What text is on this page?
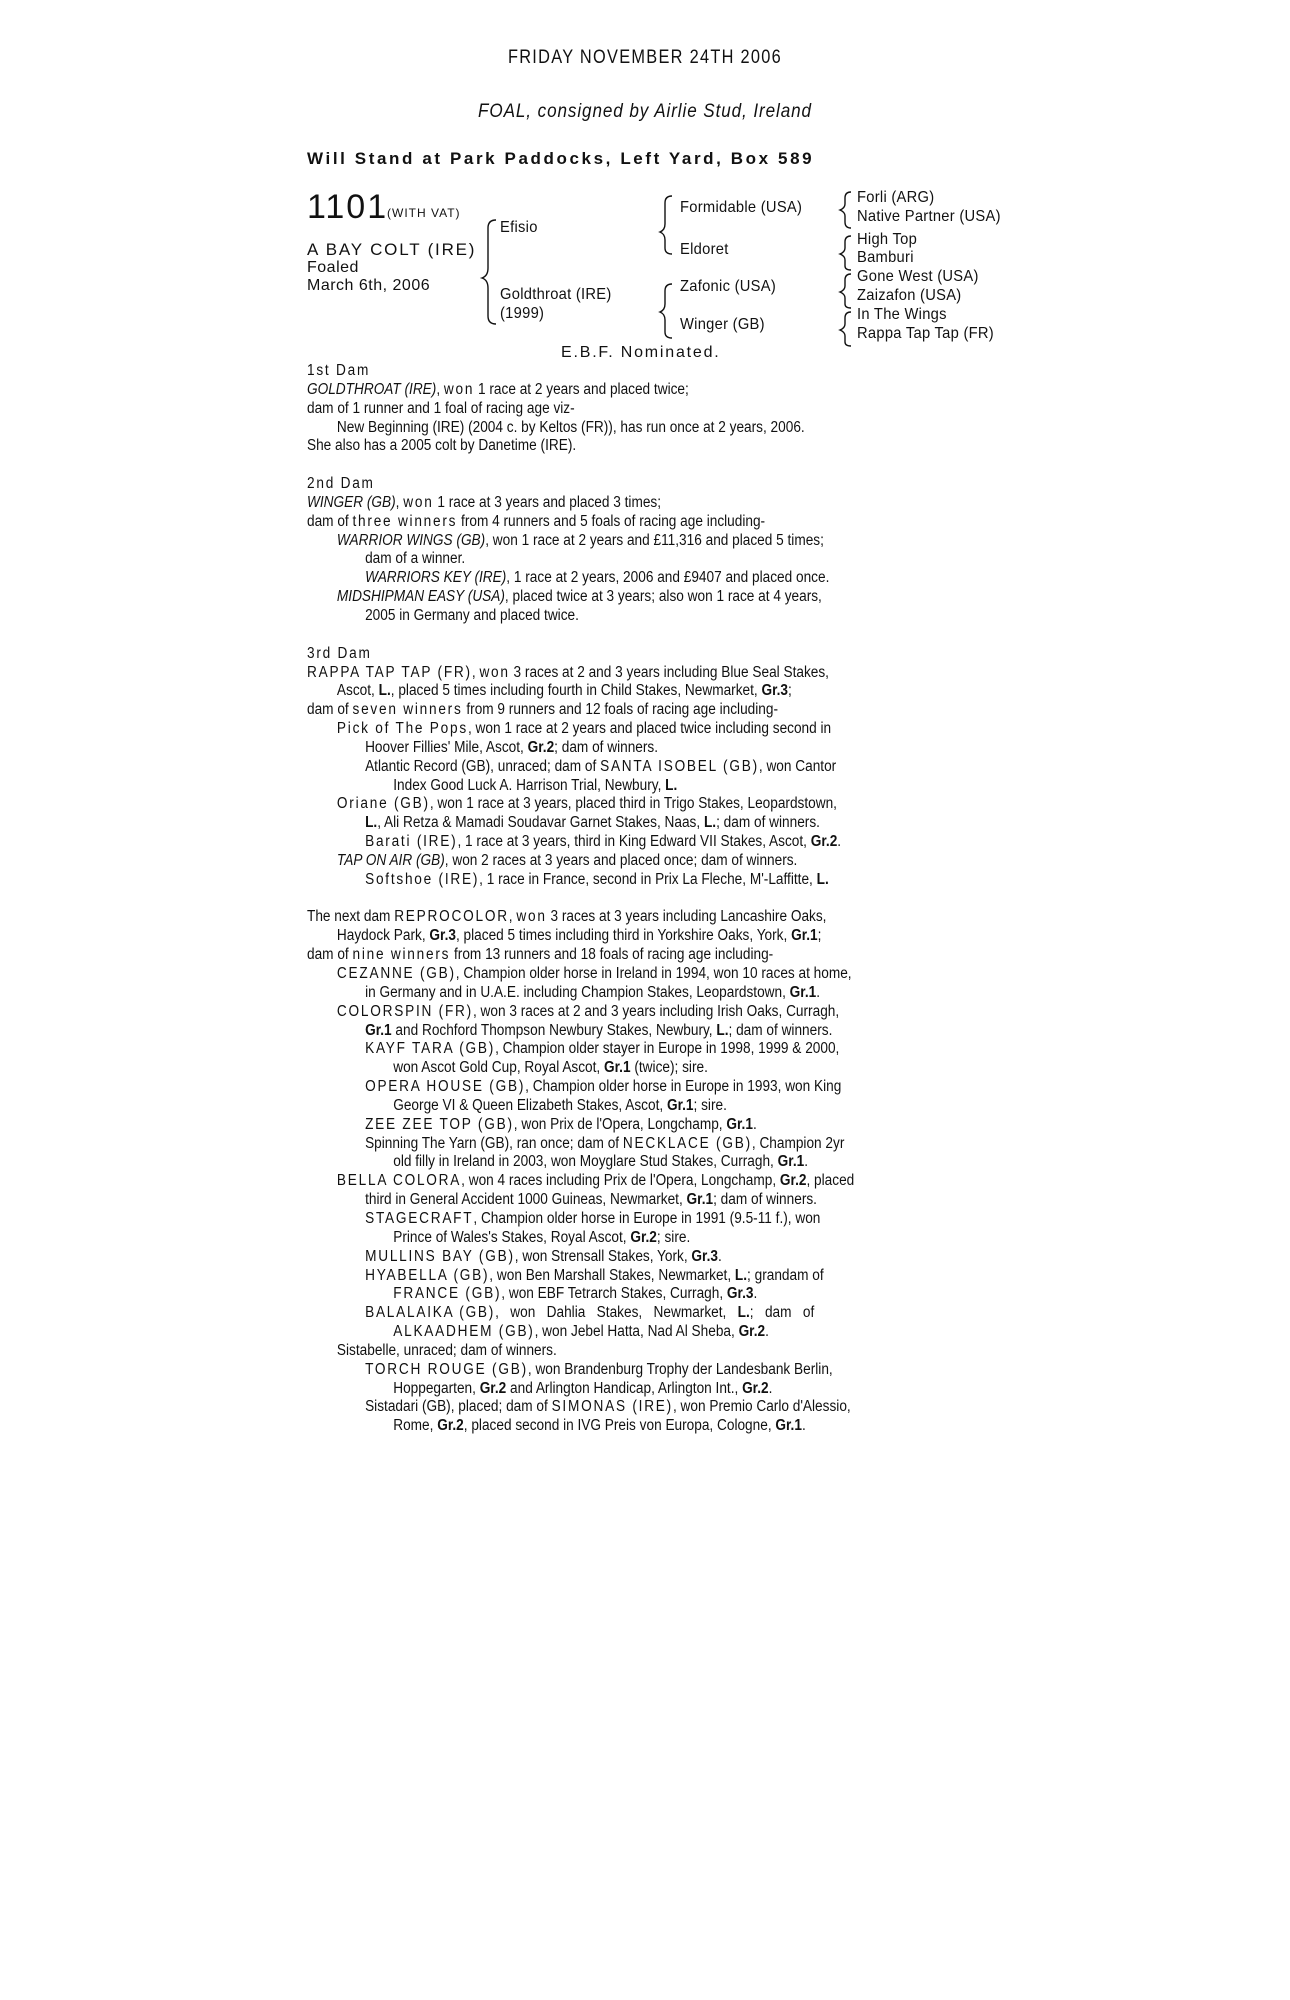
FRIDAY NOVEMBER 24TH 2006
FOAL, consigned by Airlie Stud, Ireland
Will Stand at Park Paddocks, Left Yard, Box 589
1101
(WITH VAT)
A BAY COLT (IRE)
Foaled
March 6th, 2006
Efisio
Goldthroat (IRE)
(1999)
Formidable (USA)
Eldoret
Zafonic (USA)
Winger (GB)
Forli (ARG)
Native Partner (USA)
High Top
Bamburi
Gone West (USA)
Zaizafon (USA)
In The Wings
Rappa Tap Tap (FR)
E.B.F. Nominated.
1st Dam
GOLDTHROAT (IRE), won 1 race at 2 years and placed twice;
dam of 1 runner and 1 foal of racing age viz-
New Beginning (IRE) (2004 c. by Keltos (FR)), has run once at 2 years, 2006.
She also has a 2005 colt by Danetime (IRE).
2nd Dam
WINGER (GB), won 1 race at 3 years and placed 3 times;
dam of three winners from 4 runners and 5 foals of racing age including-
WARRIOR WINGS (GB), won 1 race at 2 years and £11,316 and placed 5 times;
dam of a winner.
WARRIORS KEY (IRE), 1 race at 2 years, 2006 and £9407 and placed once.
MIDSHIPMAN EASY (USA), placed twice at 3 years; also won 1 race at 4 years,
2005 in Germany and placed twice.
3rd Dam
RAPPA TAP TAP (FR), won 3 races at 2 and 3 years including Blue Seal Stakes,
Ascot, L., placed 5 times including fourth in Child Stakes, Newmarket, Gr.3;
dam of seven winners from 9 runners and 12 foals of racing age including-
Pick of The Pops, won 1 race at 2 years and placed twice including second in
Hoover Fillies' Mile, Ascot, Gr.2; dam of winners.
Atlantic Record (GB), unraced; dam of SANTA ISOBEL (GB), won Cantor
Index Good Luck A. Harrison Trial, Newbury, L.
Oriane (GB), won 1 race at 3 years, placed third in Trigo Stakes, Leopardstown,
L., Ali Retza & Mamadi Soudavar Garnet Stakes, Naas, L.; dam of winners.
Barati (IRE), 1 race at 3 years, third in King Edward VII Stakes, Ascot, Gr.2.
TAP ON AIR (GB), won 2 races at 3 years and placed once; dam of winners.
Softshoe (IRE), 1 race in France, second in Prix La Fleche, M'-Laffitte, L.
The next dam REPROCOLOR, won 3 races at 3 years including Lancashire Oaks,
Haydock Park, Gr.3, placed 5 times including third in Yorkshire Oaks, York, Gr.1;
dam of nine winners from 13 runners and 18 foals of racing age including-
CEZANNE (GB), Champion older horse in Ireland in 1994, won 10 races at home,
in Germany and in U.A.E. including Champion Stakes, Leopardstown, Gr.1.
COLORSPIN (FR), won 3 races at 2 and 3 years including Irish Oaks, Curragh,
Gr.1 and Rochford Thompson Newbury Stakes, Newbury, L.; dam of winners.
KAYF TARA (GB), Champion older stayer in Europe in 1998, 1999 & 2000,
won Ascot Gold Cup, Royal Ascot, Gr.1 (twice); sire.
OPERA HOUSE (GB), Champion older horse in Europe in 1993, won King
George VI & Queen Elizabeth Stakes, Ascot, Gr.1; sire.
ZEE ZEE TOP (GB), won Prix de l'Opera, Longchamp, Gr.1.
Spinning The Yarn (GB), ran once; dam of NECKLACE (GB), Champion 2yr
old filly in Ireland in 2003, won Moyglare Stud Stakes, Curragh, Gr.1.
BELLA COLORA, won 4 races including Prix de l'Opera, Longchamp, Gr.2, placed
third in General Accident 1000 Guineas, Newmarket, Gr.1; dam of winners.
STAGECRAFT, Champion older horse in Europe in 1991 (9.5-11 f.), won
Prince of Wales's Stakes, Royal Ascot, Gr.2; sire.
MULLINS BAY (GB), won Strensall Stakes, York, Gr.3.
HYABELLA (GB), won Ben Marshall Stakes, Newmarket, L.; grandam of
FRANCE (GB), won EBF Tetrarch Stakes, Curragh, Gr.3.
BALALAIKA (GB),   won   Dahlia   Stakes,   Newmarket,   L.;   dam   of
ALKAADHEM (GB), won Jebel Hatta, Nad Al Sheba, Gr.2.
Sistabelle, unraced; dam of winners.
TORCH ROUGE (GB), won Brandenburg Trophy der Landesbank Berlin,
Hoppegarten, Gr.2 and Arlington Handicap, Arlington Int., Gr.2.
Sistadari (GB), placed; dam of SIMONAS (IRE), won Premio Carlo d'Alessio,
Rome, Gr.2, placed second in IVG Preis von Europa, Cologne, Gr.1.
